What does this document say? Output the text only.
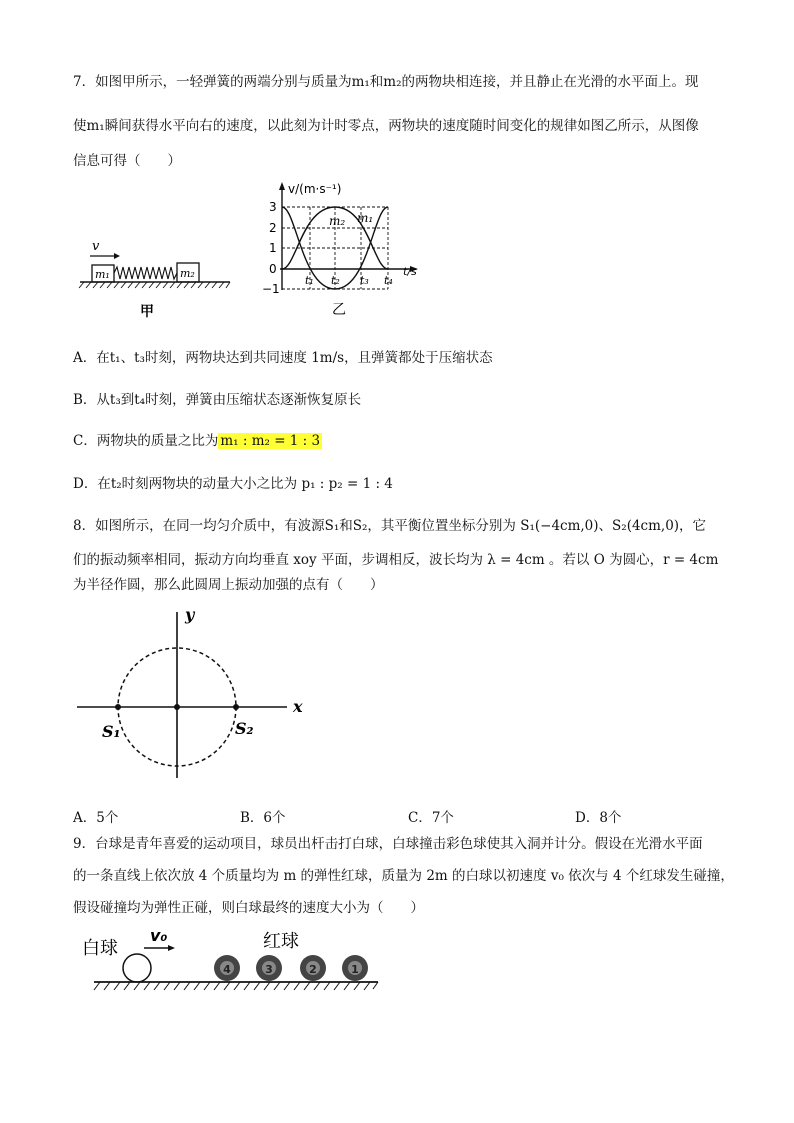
7．如图甲所示，一轻弹簧的两端分别与质量为m₁和m₂的两物块相连接，并且静止在光滑的水平面上。现
使m₁瞬间获得水平向右的速度，以此刻为计时零点，两物块的速度随时间变化的规律如图乙所示，从图像
信息可得（　　）
v
m₁	m₂
甲
v/(m·s⁻¹)
t/s
3
2
1
0
−1
m₂ m₁
t₁ t₂ t₃ t₄
乙
A．在t₁、t₃时刻，两物块达到共同速度 1m/s，且弹簧都处于压缩状态
B．从t₃到t₄时刻，弹簧由压缩状态逐渐恢复原长
C．两物块的质量之比为 m₁ : m₂ = 1 : 3
D．在t₂时刻两物块的动量大小之比为 p₁ : p₂ = 1 : 4
8．如图所示，在同一均匀介质中，有波源S₁和S₂，其平衡位置坐标分别为 S₁(−4cm,0)、S₂(4cm,0)，它
们的振动频率相同，振动方向均垂直 xoy 平面，步调相反，波长均为 λ = 4cm 。若以 O 为圆心，r = 4cm
为半径作圆，那么此圆周上振动加强的点有（　　）
x
y
S₁	S₂
A．5个	B．6个	C．7个	D．8个
9．台球是青年喜爱的运动项目，球员出杆击打白球，白球撞击彩色球使其入洞并计分。假设在光滑水平面
的一条直线上依次放 4 个质量均为 m 的弹性红球，质量为 2m 的白球以初速度 v₀ 依次与 4 个红球发生碰撞，
假设碰撞均为弹性正碰，则白球最终的速度大小为（　　）
白球
v₀	红球
4	3	2	1
